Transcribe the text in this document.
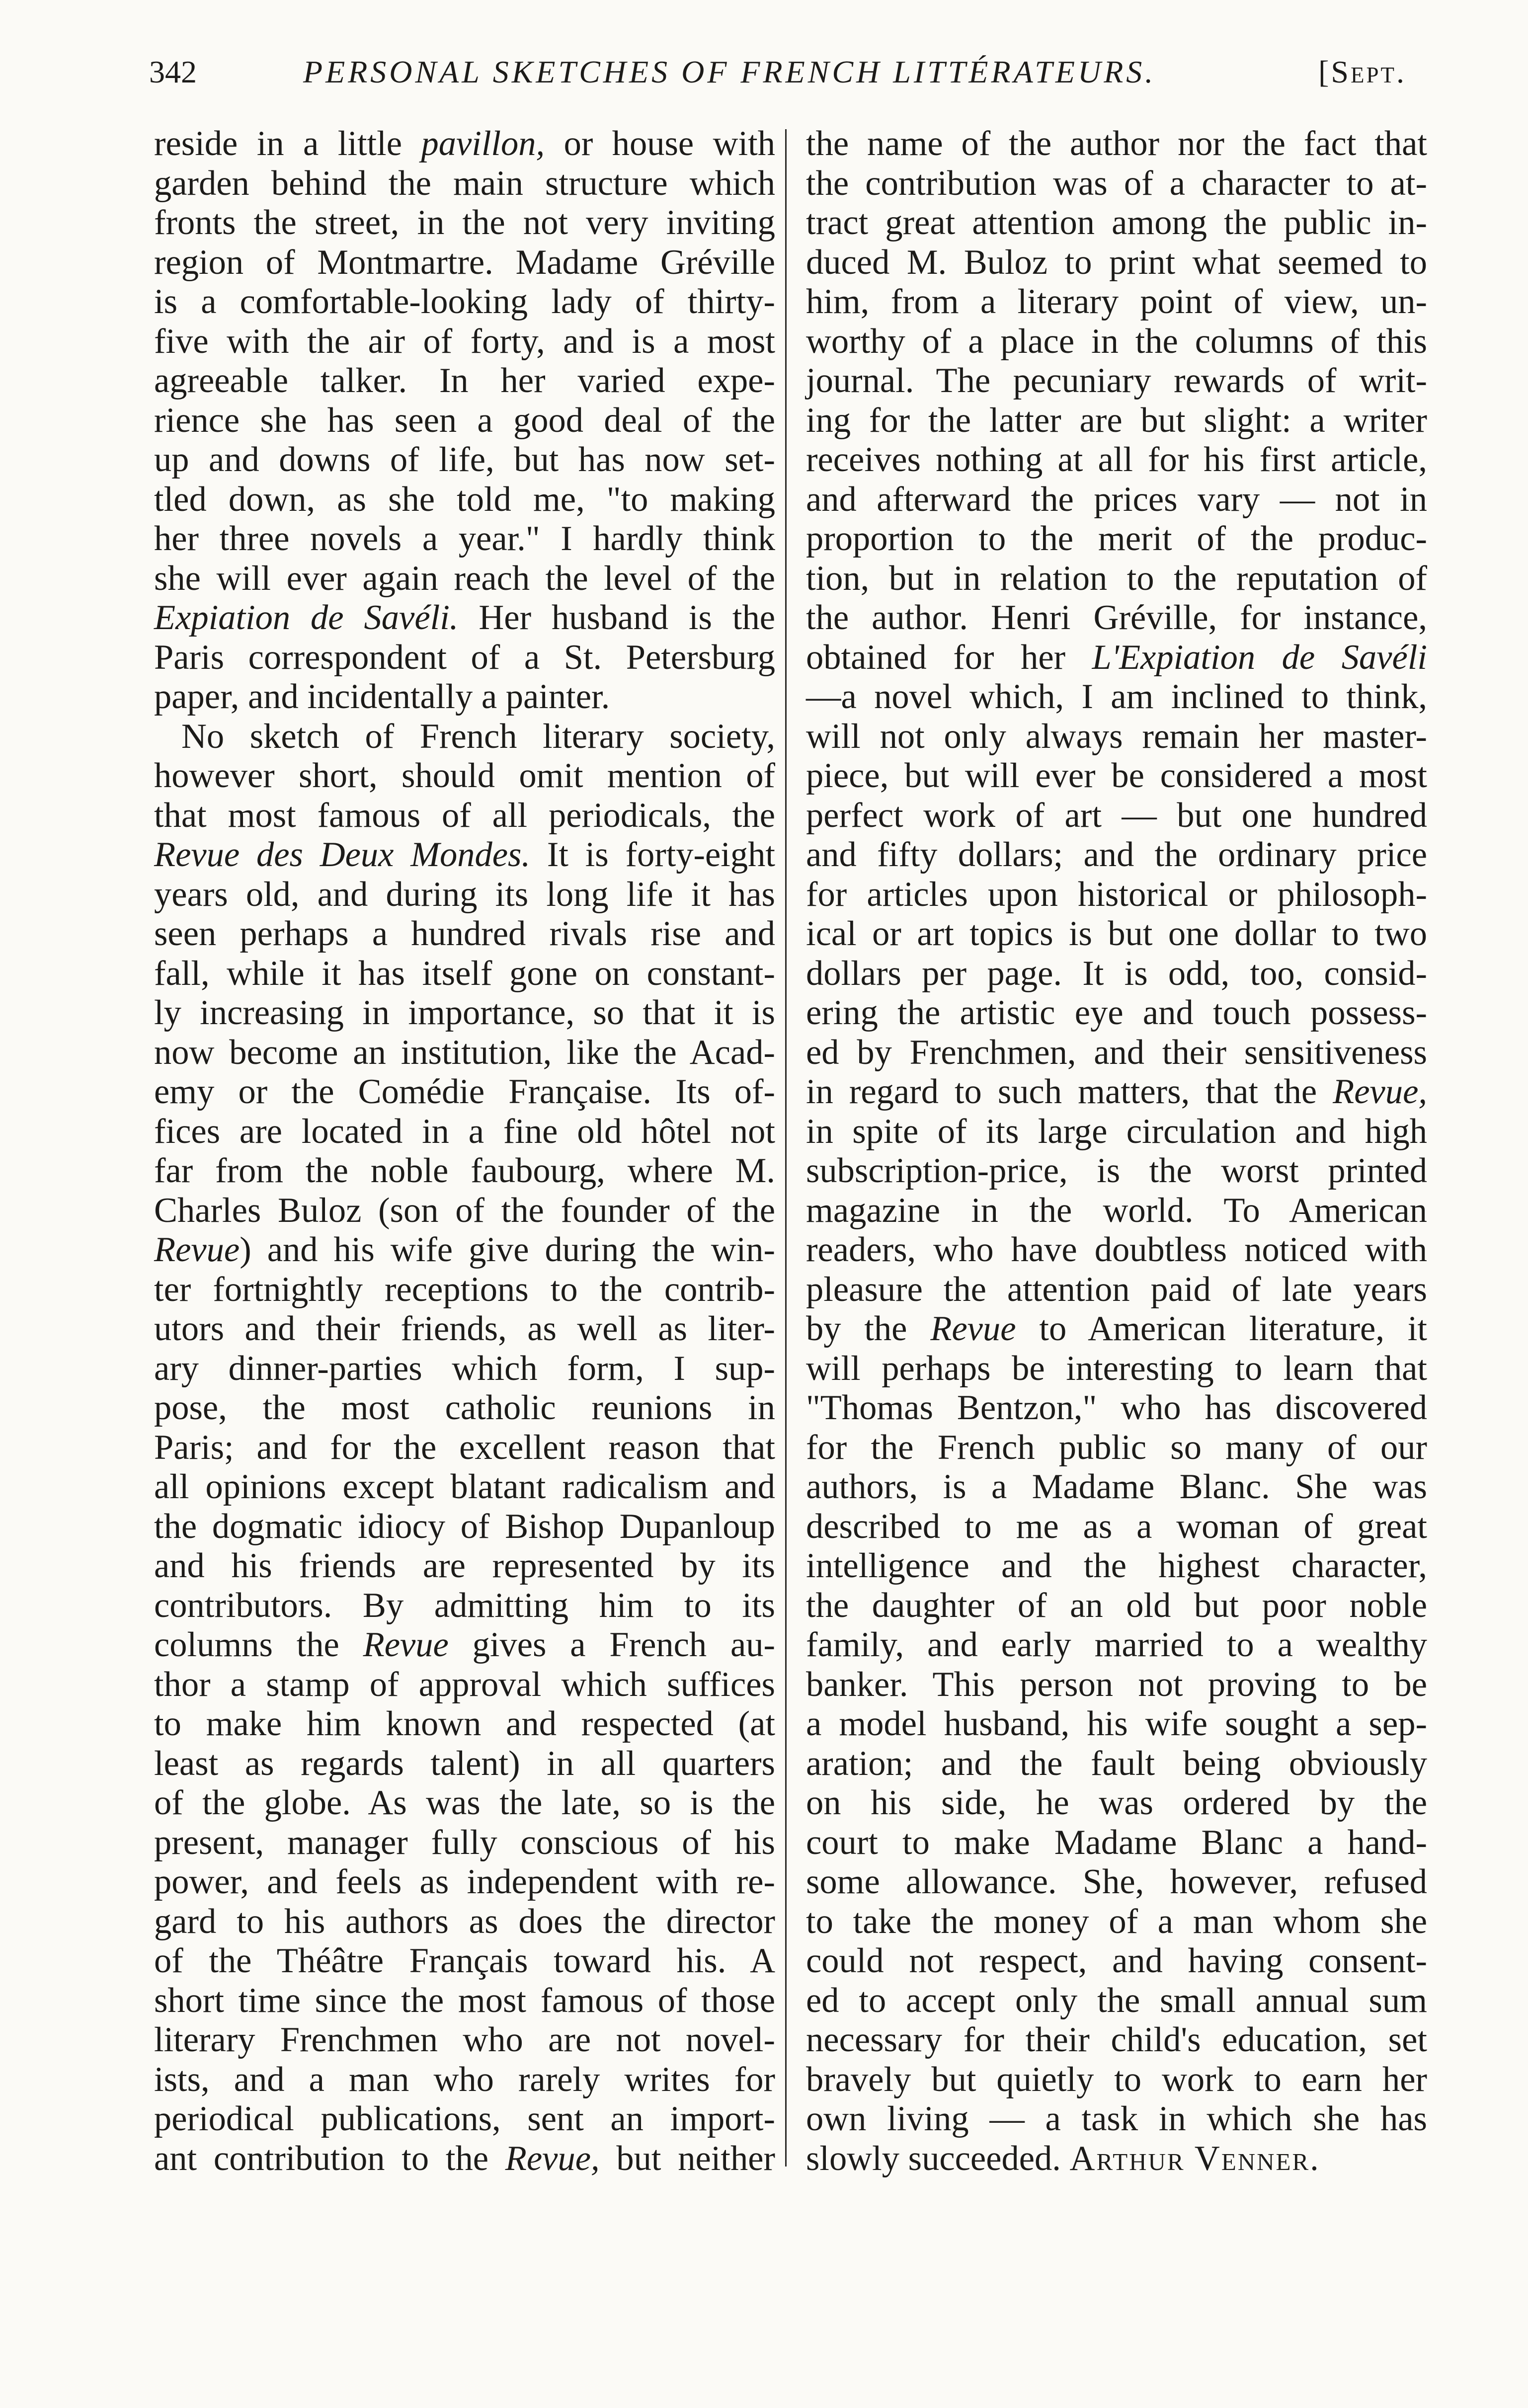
342	PERSONAL SKETCHES OF FRENCH LITTÉRATEURS.	[Sept.
reside in a little pavillon, or house with
garden behind the main structure which
fronts the street, in the not very inviting
region of Montmartre. Madame Gréville
is a comfortable-looking lady of thirty-
five with the air of forty, and is a most
agreeable talker. In her varied expe-
rience she has seen a good deal of the
up and downs of life, but has now set-
tled down, as she told me, "to making
her three novels a year." I hardly think
she will ever again reach the level of the
Expiation de Savéli. Her husband is the
Paris correspondent of a St. Petersburg
paper, and incidentally a painter.
No sketch of French literary society,
however short, should omit mention of
that most famous of all periodicals, the
Revue des Deux Mondes. It is forty-eight
years old, and during its long life it has
seen perhaps a hundred rivals rise and
fall, while it has itself gone on constant-
ly increasing in importance, so that it is
now become an institution, like the Acad-
emy or the Comédie Française. Its of-
fices are located in a fine old hôtel not
far from the noble faubourg, where M.
Charles Buloz (son of the founder of the
Revue) and his wife give during the win-
ter fortnightly receptions to the contrib-
utors and their friends, as well as liter-
ary dinner-parties which form, I sup-
pose, the most catholic reunions in
Paris; and for the excellent reason that
all opinions except blatant radicalism and
the dogmatic idiocy of Bishop Dupanloup
and his friends are represented by its
contributors. By admitting him to its
columns the Revue gives a French au-
thor a stamp of approval which suffices
to make him known and respected (at
least as regards talent) in all quarters
of the globe. As was the late, so is the
present, manager fully conscious of his
power, and feels as independent with re-
gard to his authors as does the director
of the Théâtre Français toward his. A
short time since the most famous of those
literary Frenchmen who are not novel-
ists, and a man who rarely writes for
periodical publications, sent an import-
ant contribution to the Revue, but neither
the name of the author nor the fact that
the contribution was of a character to at-
tract great attention among the public in-
duced M. Buloz to print what seemed to
him, from a literary point of view, un-
worthy of a place in the columns of this
journal. The pecuniary rewards of writ-
ing for the latter are but slight: a writer
receives nothing at all for his first article,
and afterward the prices vary — not in
proportion to the merit of the produc-
tion, but in relation to the reputation of
the author. Henri Gréville, for instance,
obtained for her L'Expiation de Savéli
—a novel which, I am inclined to think,
will not only always remain her master-
piece, but will ever be considered a most
perfect work of art — but one hundred
and fifty dollars; and the ordinary price
for articles upon historical or philosoph-
ical or art topics is but one dollar to two
dollars per page. It is odd, too, consid-
ering the artistic eye and touch possess-
ed by Frenchmen, and their sensitiveness
in regard to such matters, that the Revue,
in spite of its large circulation and high
subscription-price, is the worst printed
magazine in the world. To American
readers, who have doubtless noticed with
pleasure the attention paid of late years
by the Revue to American literature, it
will perhaps be interesting to learn that
"Thomas Bentzon," who has discovered
for the French public so many of our
authors, is a Madame Blanc. She was
described to me as a woman of great
intelligence and the highest character,
the daughter of an old but poor noble
family, and early married to a wealthy
banker. This person not proving to be
a model husband, his wife sought a sep-
aration; and the fault being obviously
on his side, he was ordered by the
court to make Madame Blanc a hand-
some allowance. She, however, refused
to take the money of a man whom she
could not respect, and having consent-
ed to accept only the small annual sum
necessary for their child's education, set
bravely but quietly to work to earn her
own living — a task in which she has
slowly succeeded. Arthur Venner.
